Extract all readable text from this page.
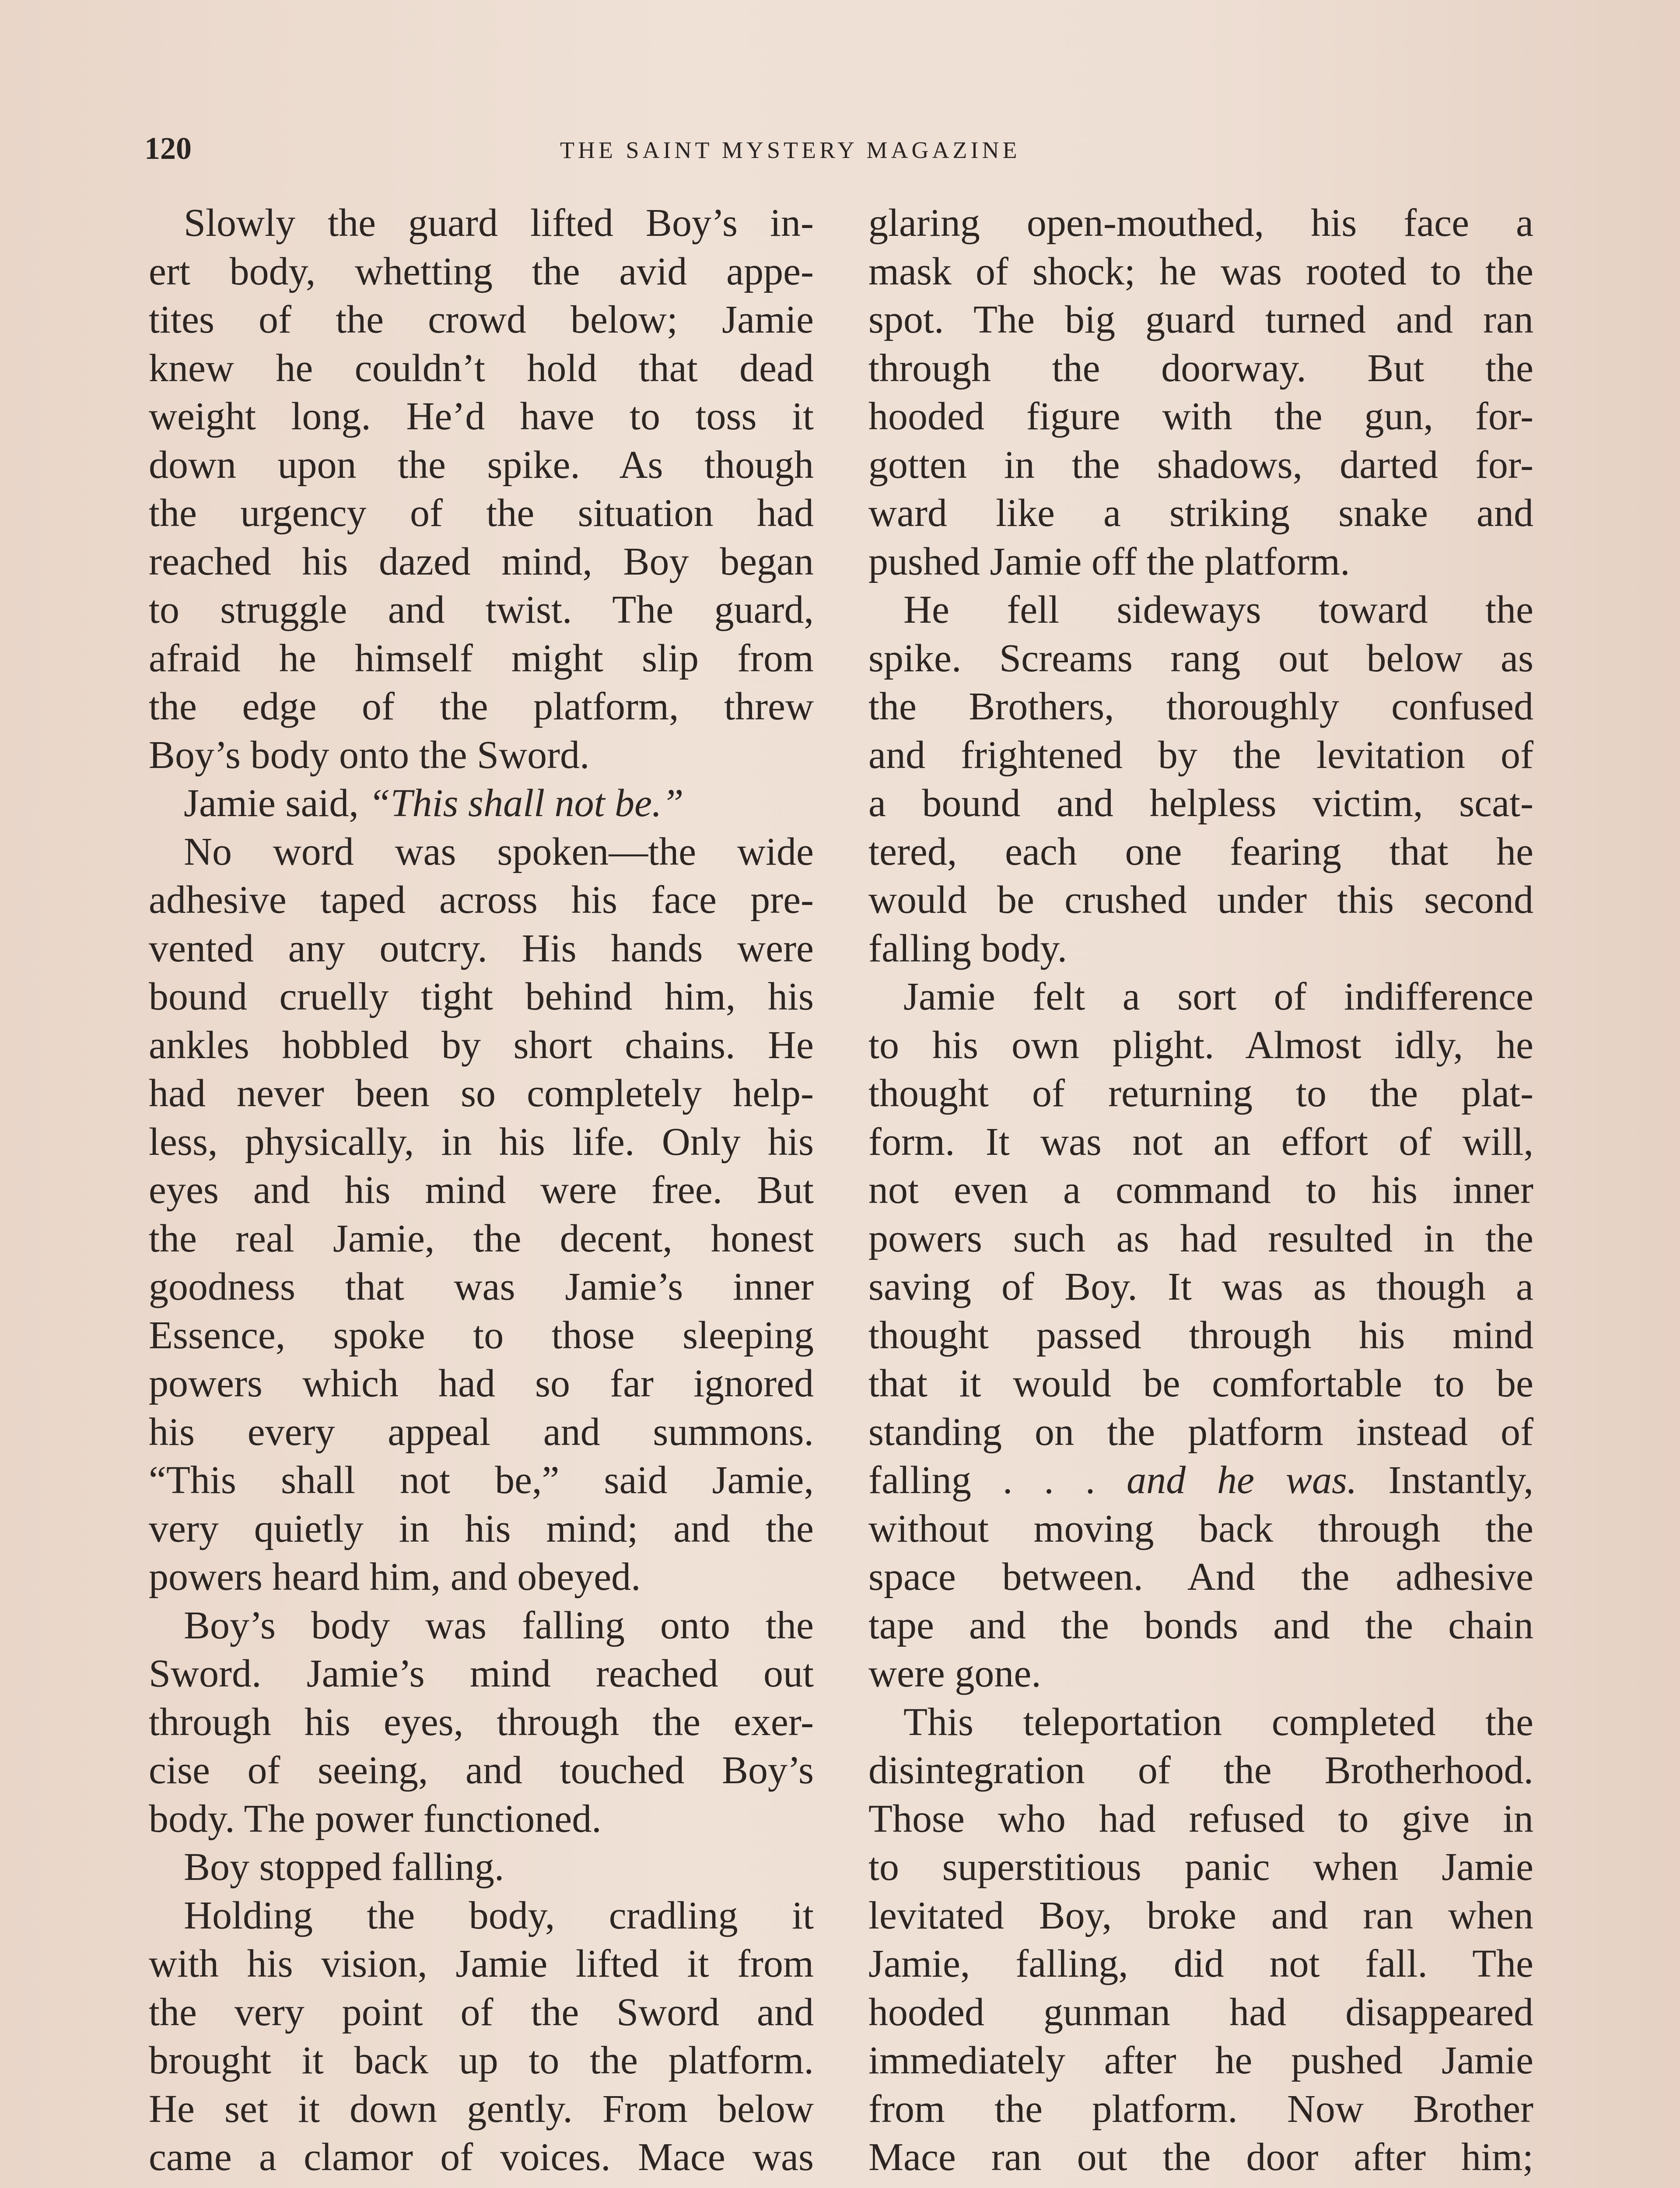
120	THE SAINT MYSTERY MAGAZINE
Slowly the guard lifted Boy’s in-
ert body, whetting the avid appe-
tites of the crowd below; Jamie
knew he couldn’t hold that dead
weight long. He’d have to toss it
down upon the spike. As though
the urgency of the situation had
reached his dazed mind, Boy began
to struggle and twist. The guard,
afraid he himself might slip from
the edge of the platform, threw
Boy’s body onto the Sword.
Jamie said, “This shall not be.”
No word was spoken—the wide
adhesive taped across his face pre-
vented any outcry. His hands were
bound cruelly tight behind him, his
ankles hobbled by short chains. He
had never been so completely help-
less, physically, in his life. Only his
eyes and his mind were free. But
the real Jamie, the decent, honest
goodness that was Jamie’s inner
Essence, spoke to those sleeping
powers which had so far ignored
his every appeal and summons.
“This shall not be,” said Jamie,
very quietly in his mind; and the
powers heard him, and obeyed.
Boy’s body was falling onto the
Sword. Jamie’s mind reached out
through his eyes, through the exer-
cise of seeing, and touched Boy’s
body. The power functioned.
Boy stopped falling.
Holding the body, cradling it
with his vision, Jamie lifted it from
the very point of the Sword and
brought it back up to the platform.
He set it down gently. From below
came a clamor of voices. Mace was
glaring open-mouthed, his face a
mask of shock; he was rooted to the
spot. The big guard turned and ran
through the doorway. But the
hooded figure with the gun, for-
gotten in the shadows, darted for-
ward like a striking snake and
pushed Jamie off the platform.
He fell sideways toward the
spike. Screams rang out below as
the Brothers, thoroughly confused
and frightened by the levitation of
a bound and helpless victim, scat-
tered, each one fearing that he
would be crushed under this second
falling body.
Jamie felt a sort of indifference
to his own plight. Almost idly, he
thought of returning to the plat-
form. It was not an effort of will,
not even a command to his inner
powers such as had resulted in the
saving of Boy. It was as though a
thought passed through his mind
that it would be comfortable to be
standing on the platform instead of
falling . . . and he was. Instantly,
without moving back through the
space between. And the adhesive
tape and the bonds and the chain
were gone.
This teleportation completed the
disintegration of the Brotherhood.
Those who had refused to give in
to superstitious panic when Jamie
levitated Boy, broke and ran when
Jamie, falling, did not fall. The
hooded gunman had disappeared
immediately after he pushed Jamie
from the platform. Now Brother
Mace ran out the door after him;
